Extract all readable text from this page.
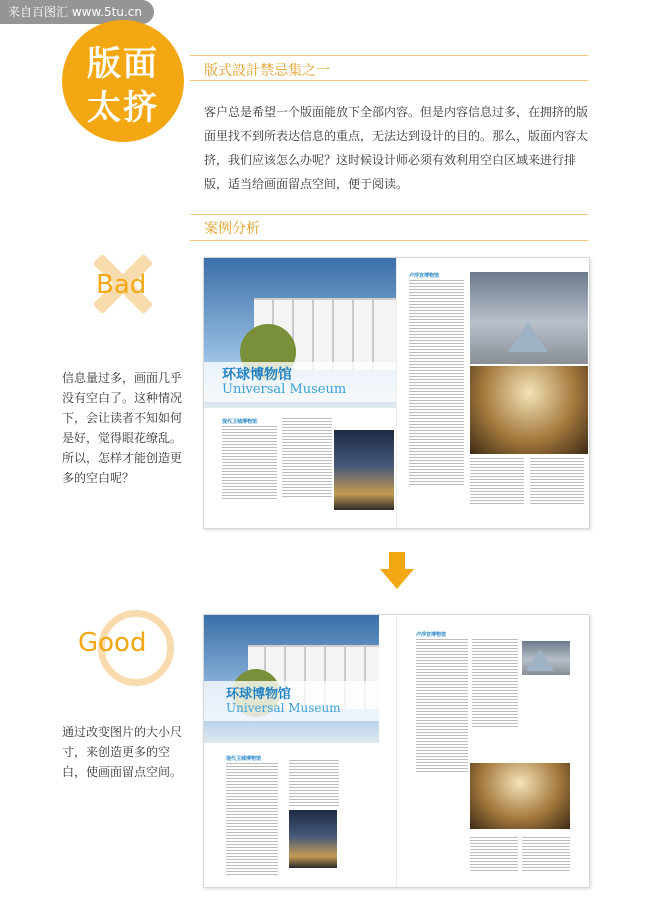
来自百图汇 www.5tu.cn
版面
太挤
版式設計禁忌集之一
客户总是希望一个版面能放下全部内容。但是内容信息过多，在拥挤的版面里找不到所表达信息的重点，无法达到设计的目的。那么，版面内容太挤，我们应该怎么办呢？这时候设计师必须有效利用空白区域来进行排版，适当给画面留点空间，便于阅读。
案例分析
Bad
信息量过多，画面几乎没有空白了。这种情况下，会让读者不知如何是好，觉得眼花缭乱。所以，怎样才能创造更多的空白呢？
环球博物馆
Universal Museum
现代卫城博物馆
卢浮宫博物馆
Good
通过改变图片的大小尺寸，来创造更多的空白，使画面留点空间。
环球博物馆
Universal Museum
现代卫城博物馆
卢浮宫博物馆
